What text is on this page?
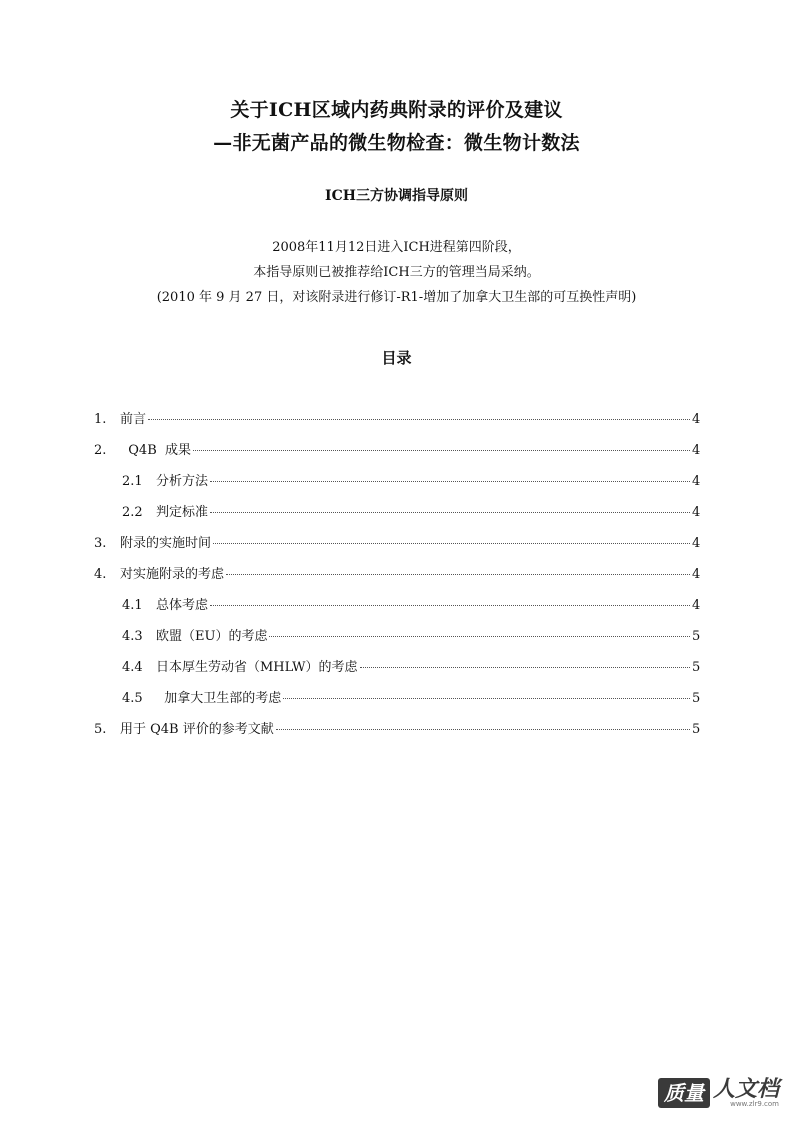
关于ICH区域内药典附录的评价及建议
—非无菌产品的微生物检查：微生物计数法
ICH三方协调指导原则
2008年11月12日进入ICH进程第四阶段，
本指导原则已被推荐给ICH三方的管理当局采纳。
(2010 年 9 月 27 日，对该附录进行修订-R1-增加了加拿大卫生部的可互换性声明)
目录
1.	前言	4
2.	Q4B  成果	4
2.1	分析方法	4
2.2	判定标准	4
3.	附录的实施时间	4
4.	对实施附录的考虑	4
4.1	总体考虑	4
4.3	欧盟（EU）的考虑	5
4.4	日本厚生劳动省（MHLW）的考虑	5
4.5	加拿大卫生部的考虑	5
5.	用于 Q4B 评价的参考文献	5
质量 人文档
www.zlr9.com
